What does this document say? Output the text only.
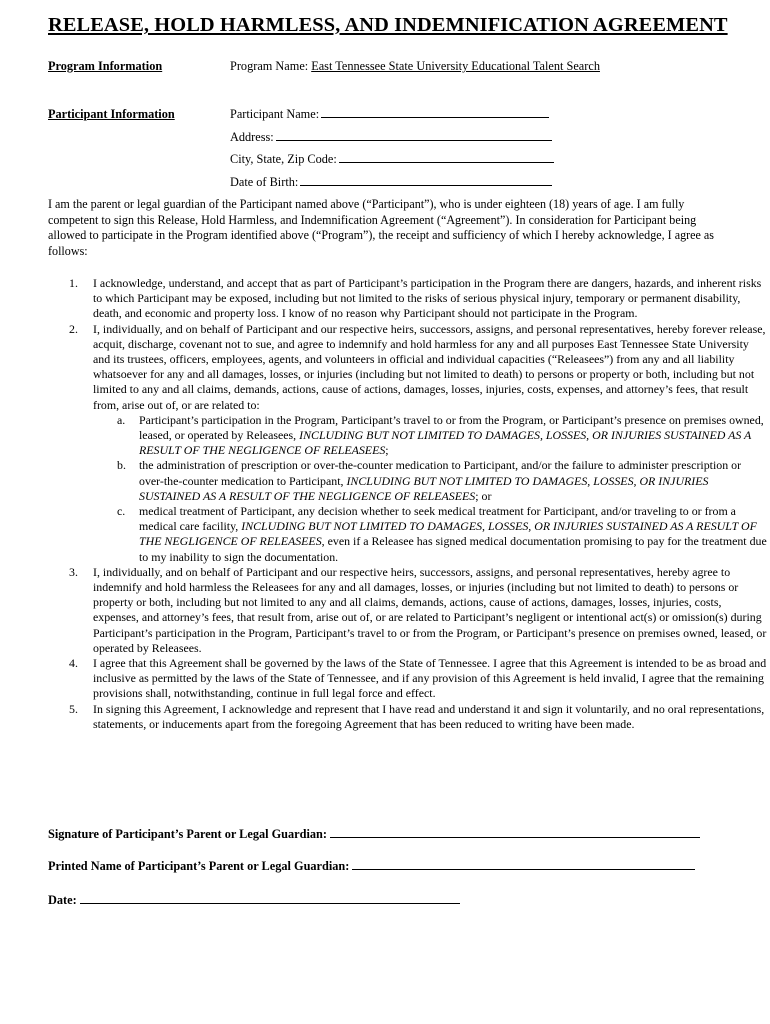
RELEASE, HOLD HARMLESS, AND INDEMNIFICATION AGREEMENT
Program Information	Program Name: East Tennessee State University Educational Talent Search
Participant Information	Participant Name:
Address:
City, State, Zip Code:
Date of Birth:

I am the parent or legal guardian of the Participant named above (“Participant”), who is under eighteen (18) years of age. I am fully competent to sign this Release, Hold Harmless, and Indemnification Agreement (“Agreement”). In consideration for Participant being allowed to participate in the Program identified above (“Program”), the receipt and sufficiency of which I hereby acknowledge, I agree as follows:

1. I acknowledge, understand, and accept that as part of Participant’s participation in the Program there are dangers, hazards, and inherent risks to which Participant may be exposed, including but not limited to the risks of serious physical injury, temporary or permanent disability, death, and economic and property loss. I know of no reason why Participant should not participate in the Program.
2. I, individually, and on behalf of Participant and our respective heirs, successors, assigns, and personal representatives, hereby forever release, acquit, discharge, covenant not to sue, and agree to indemnify and hold harmless for any and all purposes East Tennessee State University and its trustees, officers, employees, agents, and volunteers in official and individual capacities (“Releasees”) from any and all liability whatsoever for any and all damages, losses, or injuries (including but not limited to death) to persons or property or both, including but not limited to any and all claims, demands, actions, cause of actions, damages, losses, injuries, costs, expenses, and attorney’s fees, that result from, arise out of, or are related to:
a. Participant’s participation in the Program, Participant’s travel to or from the Program, or Participant’s presence on premises owned, leased, or operated by Releasees, INCLUDING BUT NOT LIMITED TO DAMAGES, LOSSES, OR INJURIES SUSTAINED AS A RESULT OF THE NEGLIGENCE OF RELEASEES;
b. the administration of prescription or over-the-counter medication to Participant, and/or the failure to administer prescription or over-the-counter medication to Participant, INCLUDING BUT NOT LIMITED TO DAMAGES, LOSSES, OR INJURIES SUSTAINED AS A RESULT OF THE NEGLIGENCE OF RELEASEES; or
c. medical treatment of Participant, any decision whether to seek medical treatment for Participant, and/or traveling to or from a medical care facility, INCLUDING BUT NOT LIMITED TO DAMAGES, LOSSES, OR INJURIES SUSTAINED AS A RESULT OF THE NEGLIGENCE OF RELEASEES, even if a Releasee has signed medical documentation promising to pay for the treatment due to my inability to sign the documentation.
3. I, individually, and on behalf of Participant and our respective heirs, successors, assigns, and personal representatives, hereby agree to indemnify and hold harmless the Releasees for any and all damages, losses, or injuries (including but not limited to death) to persons or property or both, including but not limited to any and all claims, demands, actions, cause of actions, damages, losses, injuries, costs, expenses, and attorney’s fees, that result from, arise out of, or are related to Participant’s negligent or intentional act(s) or omission(s) during Participant’s participation in the Program, Participant’s travel to or from the Program, or Participant’s presence on premises owned, leased, or operated by Releasees.
4. I agree that this Agreement shall be governed by the laws of the State of Tennessee. I agree that this Agreement is intended to be as broad and inclusive as permitted by the laws of the State of Tennessee, and if any provision of this Agreement is held invalid, I agree that the remaining provisions shall, notwithstanding, continue in full legal force and effect.
5. In signing this Agreement, I acknowledge and represent that I have read and understand it and sign it voluntarily, and no oral representations, statements, or inducements apart from the foregoing Agreement that has been reduced to writing have been made.
Signature of Participant’s Parent or Legal Guardian:
Printed Name of Participant’s Parent or Legal Guardian:
Date:
